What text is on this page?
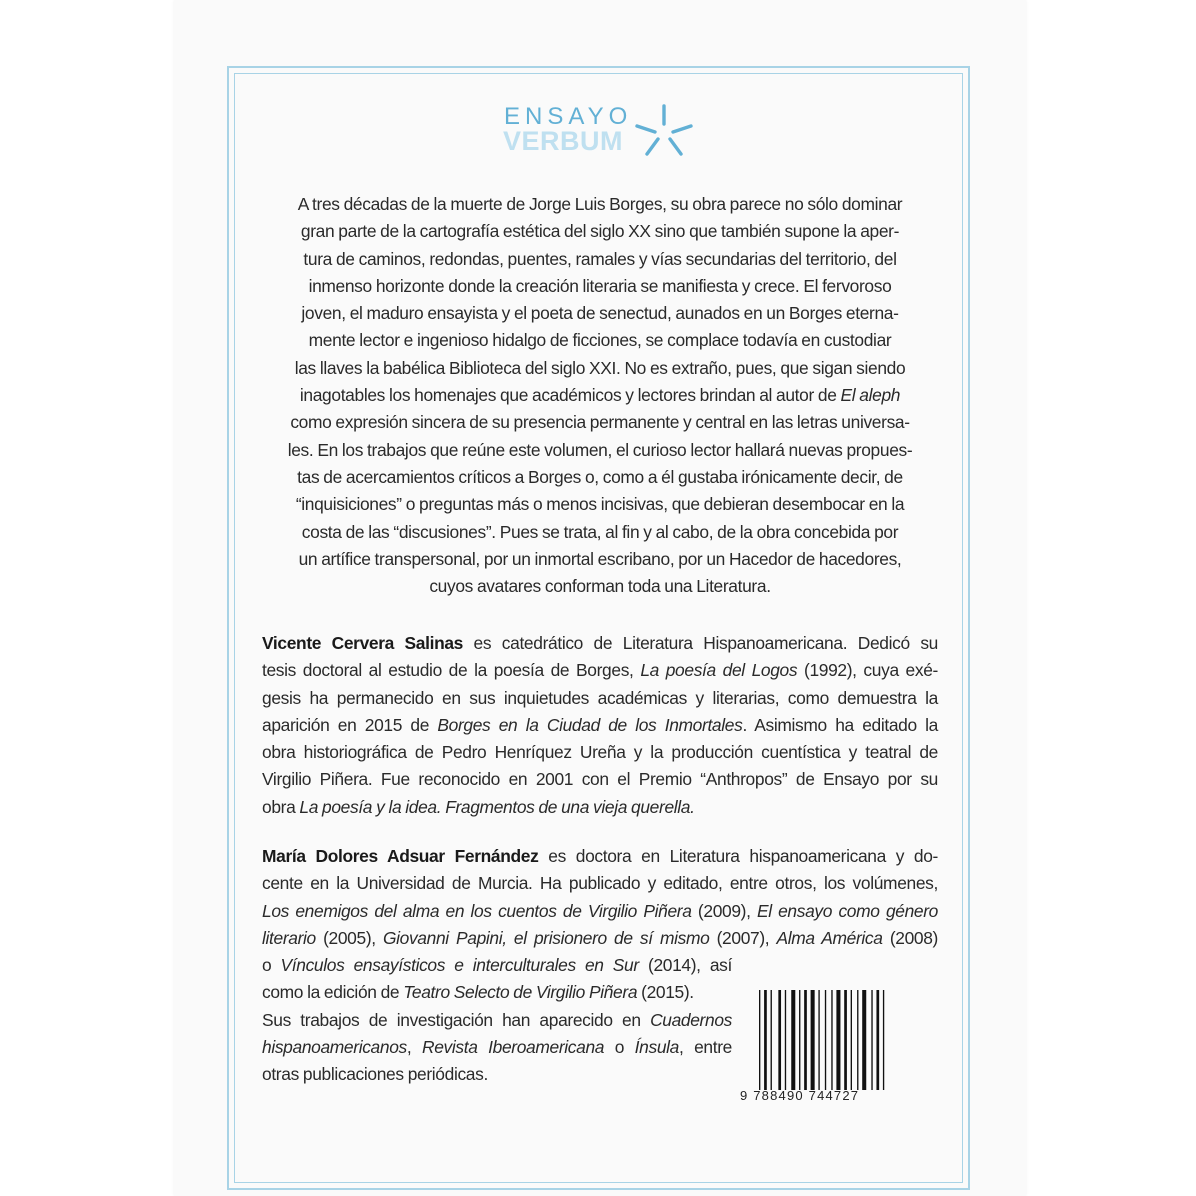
ENSAYO
VERBUM
A tres décadas de la muerte de Jorge Luis Borges, su obra parece no sólo dominar
gran parte de la cartografía estética del siglo XX sino que también supone la aper-
tura de caminos, redondas, puentes, ramales y vías secundarias del territorio, del
inmenso horizonte donde la creación literaria se manifiesta y crece. El fervoroso
joven, el maduro ensayista y el poeta de senectud, aunados en un Borges eterna-
mente lector e ingenioso hidalgo de ficciones, se complace todavía en custodiar
las llaves la babélica Biblioteca del siglo XXI. No es extraño, pues, que sigan siendo
inagotables los homenajes que académicos y lectores brindan al autor de El aleph
como expresión sincera de su presencia permanente y central en las letras universa-
les. En los trabajos que reúne este volumen, el curioso lector hallará nuevas propues-
tas de acercamientos críticos a Borges o, como a él gustaba irónicamente decir, de
“inquisiciones” o preguntas más o menos incisivas, que debieran desembocar en la
costa de las “discusiones”. Pues se trata, al fin y al cabo, de la obra concebida por
un artífice transpersonal, por un inmortal escribano, por un Hacedor de hacedores,
cuyos avatares conforman toda una Literatura.
Vicente Cervera Salinas es catedrático de Literatura Hispanoamericana. Dedicó su
tesis doctoral al estudio de la poesía de Borges, La poesía del Logos (1992), cuya exé-
gesis ha permanecido en sus inquietudes académicas y literarias, como demuestra la
aparición en 2015 de Borges en la Ciudad de los Inmortales. Asimismo ha editado la
obra historiográfica de Pedro Henríquez Ureña y la producción cuentística y teatral de
Virgilio Piñera. Fue reconocido en 2001 con el Premio “Anthropos” de Ensayo por su
obra La poesía y la idea. Fragmentos de una vieja querella.
María Dolores Adsuar Fernández es doctora en Literatura hispanoamericana y do-
cente en la Universidad de Murcia. Ha publicado y editado, entre otros, los volúmenes,
Los enemigos del alma en los cuentos de Virgilio Piñera (2009), El ensayo como género
literario (2005), Giovanni Papini, el prisionero de sí mismo (2007), Alma América (2008)
o Vínculos ensayísticos e interculturales en Sur (2014), así
como la edición de Teatro Selecto de Virgilio Piñera (2015).
Sus trabajos de investigación han aparecido en Cuadernos
hispanoamericanos, Revista Iberoamericana o Ínsula, entre
otras publicaciones periódicas.
9 788490 744727
